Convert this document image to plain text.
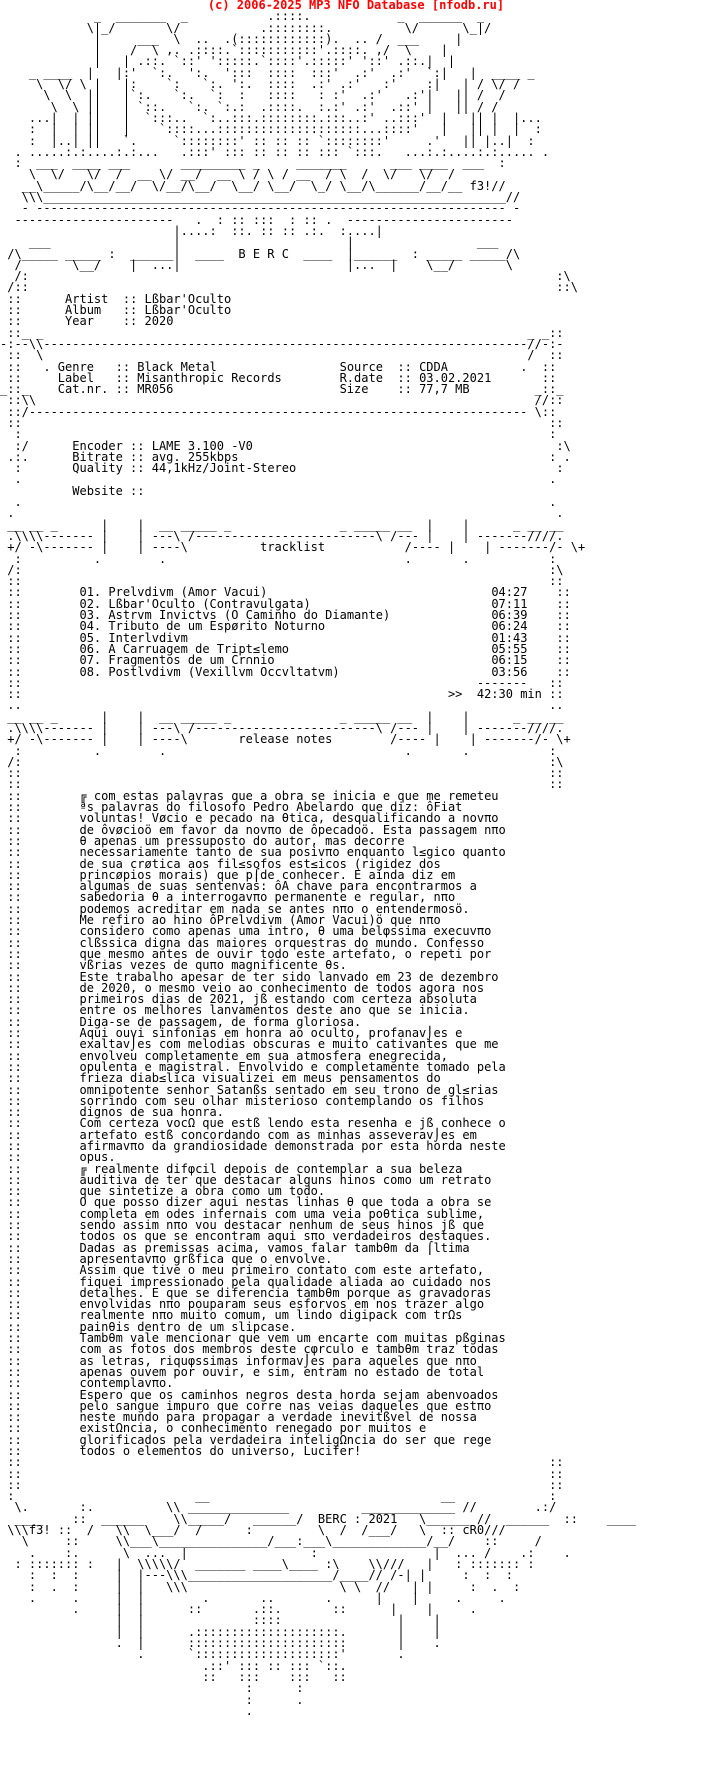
(c) 2006-2025 MP3 NFO Database [nfodb.ru]
_  _______  _           .::::.            _  ______  _
\|_/       \/           .::::::::.          \/      \_|/
|     ___  \  ..  .(::::::::::::).  .. /  ___     |
|    /  \ ,. .::::.`:::::::::::'.::::. ,/  \    |
|   | .::. `::' ':::::.`::::'.:::::' '::' .::.|  |
_ ____  |   |:'  `:.  ':.  ':::  ::::  :::'  .:'  .:'  `:|   |  ____ _
\  \/ \ |   |:    `:   `:. ':.  ::::  .:' .:'   :'    :|   | / \/ /
\  \  ||   |`:.   `:.  `:  :   ::::   : :'  .:'   .:'|   || /  /
\  \ ||   | `::.   `:. `:.:  .::::.  :.:' .:'  .::' |   || / /
...|  | ||   |  `:::..  `:..:::.::::::::.:::..:' ..:::'  |   || |  |...
:  |  | ||   |    `::::...::::::::::::::::::::...::::'   |   || |  |  :
:  |..| ||   `.     `::::::::' :: :: :: `::::::::'     .'   || |..|  :
. .....:.:....:.:...   .:::' ::: :: :: :: ::: `:::.   ...:.:....:.:..... .
:  ___  ____ ___       _________ _     _______      ___ ____  ___  :
\  \/   \/  /  __ \/ __/  __ \ / \ / __  / \  /  \/   \/  /
__\_____/\__/__/  \/__/\__/  \__/ \__/  \_/ \__/\______/__/__ f3!//
\\\________________________________________________________________//
- ----------------------------------------------------------------- -
----------------------   .  : :: :::  : :: .  -----------------------
|....:  ::. :: :: .:.  :....|
___                 |                       |                 ___
/\_____ _____ :  ______|  ____  B E R C  ____  |______  : _____ _____/\
/       \__/    |  ...|                       |...  |    \__/       \
/:                                                                         :\
/::                                                                         ::\
::      Artist  :: Lßbar'Oculto
::      Album   :: Lßbar'Oculto
::      Year    :: 2020
::_ _                                                                   _ _::
-:--\\-------------------------------------------------------------------//-:-
::  \                                                                   /  ::
::   . Genre   :: Black Metal	Source  :: CDDA          .  ::
::     Label   :: Misanthropic Records	R.date  :: 03.02.2021       ::
_::_    Cat.nr. :: MR056	Size    :: 77,7 MB         _::_
::\\                                                                     //::
::/--------------------------------------------------------------------- \::
::                                                                         ::
:                                                                         :
:/      Encoder :: LAME 3.100 -V0                                          :\
.:.      Bitrate :: avg. 255kbps                                           : .
:       Quality :: 44,1kHz/Joint-Stereo                                    :
.                                                                         .
Website ::
.                                                                         .
.                                                                           .
__ __ _      |    |  __ _____ _               _ _____ __  |    |      _ __ __
.\\\\------- |    | ---\ /-------------------------\ /--- |    | -------////.
+/ -\------- |    | ----\          tracklist           /---- |    | -------/- \+
:          .        .                                 .       .           :
/:                                                                         :\
::                                                                         ::
::        01. Prelvdivm (Amor Vacui)	04:27    ::
::        02. Lßbar'Oculto (Contravulgata)	07:11    ::
::        03. Astrvm Invictvs (O Caminho do Diamante)	06:39    ::
::        04. Tributo de um Espørito Noturno	06:24    ::
::        05. Interlvdivm	01:43    ::
::        06. A Carruagem de Tript≤lemo	05:55    ::
::        07. Fragmentos de um Cr∩nio	06:15    ::
::        08. Postlvdivm (Vexillvm Occvltatvm)	03:56    ::
::                                                               -------   ::
::                                                           >> 42:30 min ::
..                                                                         ..
__ __ _      |    |  __ _____ _               _ _____ __  |    |      _ __ __
.\\\\------- |    | ---\ /-------------------------\ /--- |    | -------////.
+/ -\------- |    | ----\       release notes        /---- |    | -------/- \+
:          .        .                                 .       .           :
/:                                                                         :\
::                                                                         ::
::                                                                         ::
::        ╔ com estas palavras que a obra se inicia e que me remeteu
::        ªs palavras do filosofo Pedro Abelardo que diz: ôFiat
::        voluntas! Vøcio e pecado na θtica, desqualificando a novπo
::        de ôvøcioö em favor da novπo de ôpecadoö. Esta passagem nπo
::        θ apenas um pressuposto do autor, mas decorre
::        necessariamente tanto de sua posivπo enquanto l≤gico quanto
::        de sua crøtica aos fil≤sofos est≤icos (rigidez dos
::        princøpios morais) que p⌠de conhecer. E ainda diz em
::        algumas de suas sentenvas: ôA chave para encontrarmos a
::        sabedoria θ a interrogavπo permanente e regular, nπo
::        podemos acreditar em nada se antes nπo o entendermosö.
::        Me refiro ao hino ôPrelvdivm (Amor Vacui)ö que nπo
::        considero como apenas uma intro, θ uma belφssima execuvπo
::        clßssica digna das maiores orquestras do mundo. Confesso
::        que mesmo antes de ouvir todo este artefato, o repeti por
::        vßrias vezes de quπo magnificente θs.
::        Este trabalho apesar de ter sido lanvado em 23 de dezembro
::        de 2020, o mesmo veio ao conhecimento de todos agora nos
::        primeiros dias de 2021, jß estando com certeza absoluta
::        entre os melhores lanvamentos deste ano que se inicia.
::        Diga-se de passagem, de forma gloriosa.
::        Aqui ouvi sinfonias em honra ao oculto, profanav⌡es e
::        exaltav⌡es com melodias obscuras e muito cativantes que me
::        envolveu completamente em sua atmosfera enegrecida,
::        opulenta e magistral. Envolvido e completamente tomado pela
::        frieza diab≤lica visualizei em meus pensamentos do
::        omnipotente senhor Satanßs sentado em seu trono de gl≤rias
::        sorrindo com seu olhar misterioso contemplando os filhos
::        dignos de sua honra.
::        Com certeza vocΩ que estß lendo esta resenha e jß conhece o
::        artefato estß concordando com as minhas asseverav⌡es em
::        afirmavπo da grandiosidade demonstrada por esta horda neste
::        opus.
::        ╔ realmente difφcil depois de contemplar a sua beleza
::        auditiva de ter que destacar alguns hinos como um retrato
::        que sintetize a obra como um todo.
::        O que posso dizer aqui nestas linhas θ que toda a obra se
::        completa em odes infernais com uma veia poθtica sublime,
::        sendo assim nπo vou destacar nenhum de seus hinos jß que
::        todos os que se encontram aqui sπo verdadeiros destaques.
::        Dadas as premissas acima, vamos falar tambθm da ⌠ltima
::        apresentavπo grßfica que o envolve.
::        Assim que tive o meu primeiro contato com este artefato,
::        fiquei impressionado pela qualidade aliada ao cuidado nos
::        detalhes. E que se diferencia tambθm porque as gravadoras
::        envolvidas nπo pouparam seus esforvos em nos trazer algo
::        realmente nπo muito comum, um lindo digipack com trΩs
::        painθis dentro de um slipcase.
::        Tambθm vale mencionar que vem um encarte com muitas pßginas
::        com as fotos dos membros deste cφrculo e tambθm traz todas
::        as letras, riquφssimas informav⌡es para aqueles que nπo
::        apenas ouvem por ouvir, e sim, entram no estado de total
::        contemplavπo.
::        Espero que os caminhos negros desta horda sejam abenvoados
::        pelo sangue impuro que corre nas veias daqueles que estπo
::        neste mundo para propagar a verdade inevitßvel de nossa
::        existΩncia, o conhecimento renegado por muitos e
::        glorificados pela verdadeira inteligΩncia do ser que rege
::        todos o elementos do universo, Lucifer!
::                                                                         ::
::                                                                         ::
::                                                                         ::
:                         __                                __             :
\.       :.          \\ ______________          _____________ //        .:/
____    ::  ______    \\_____/   ______/  BERC : 2021   \______ //  ______  ::    ____
\\\f3! ::  /   \\  \___/  /      :         \  /  /___/   \  :: cR0///
\     ::     \\___\_______________/___:___\_____________/__/    ::     /
.    :.      \  ...  |                 :                |  ... /    .:    .
: ::::::: :   |  \\\\\/  _______ ____\____ :\    \\///   |   : ::::::: :
:  :  :     |  |---\\\____________________/____// /-| |     :  :  :
:  .  :     |  |   \\\                     \ \  //   | |     :  .  :
.     .     |  |        .       ..       .      |    |     .     .
.     |  |      ::       .::.       ::      |    |     .
|  |               ::::                |    |
|  |      .::::::::::::::::::::.       |    |
.  |      ::::::::::::::::::::::       |    .
.      `::::::::::::::::::::'       .
.::' ::: :: ::: `::.
::   :::    :::   ::
:      :
:      .
.
